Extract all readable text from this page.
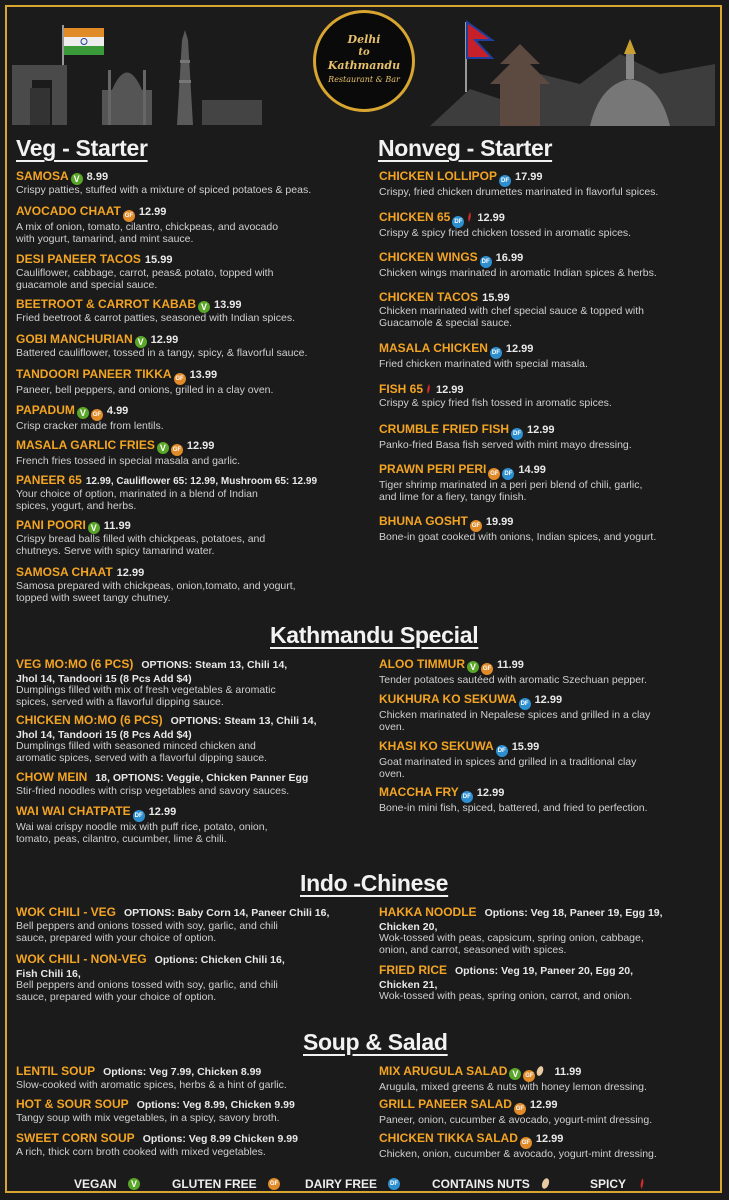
Delhi
to
Kathmandu
Restaurant & Bar
Veg - Starter	Nonveg - Starter
Kathmandu Special
Indo -Chinese
Soup & Salad
SAMOSA V 8.99
Crispy patties, stuffed with a mixture of spiced potatoes & peas.
AVOCADO CHAAT GF 12.99
A mix of onion, tomato, cilantro, chickpeas, and avocado
with yogurt, tamarind, and mint sauce.
DESI PANEER TACOS 15.99
Cauliflower, cabbage, carrot, peas& potato, topped with
guacamole and special sauce.
BEETROOT & CARROT KABAB V 13.99
Fried beetroot & carrot patties, seasoned with Indian spices.
GOBI MANCHURIAN V 12.99
Battered cauliflower, tossed in a tangy, spicy, & flavorful sauce.
TANDOORI PANEER TIKKA GF 13.99
Paneer, bell peppers, and onions, grilled in a clay oven.
PAPADUM V GF 4.99
Crisp cracker made from lentils.
MASALA GARLIC FRIES V GF 12.99
French fries tossed in special masala and garlic.
PANEER 65 12.99, Cauliflower 65: 12.99, Mushroom 65: 12.99
Your choice of option, marinated in a blend of Indian
spices, yogurt, and herbs.
PANI POORI V 11.99
Crispy bread balls filled with chickpeas, potatoes, and
chutneys. Serve with spicy tamarind water.
SAMOSA CHAAT 12.99
Samosa prepared with chickpeas, onion,tomato, and yogurt,
topped with sweet tangy chutney.
CHICKEN LOLLIPOP DF 17.99
Crispy, fried chicken drumettes marinated in flavorful spices.
CHICKEN 65 DF 12.99
Crispy & spicy fried chicken tossed in aromatic spices.
CHICKEN WINGS DF 16.99
Chicken wings marinated in aromatic Indian spices & herbs.
CHICKEN TACOS 15.99
Chicken marinated with chef special sauce & topped with
Guacamole & special sauce.
MASALA CHICKEN DF 12.99
Fried chicken marinated with special masala.
FISH 65 12.99
Crispy & spicy fried fish tossed in aromatic spices.
CRUMBLE FRIED FISH DF 12.99
Panko-fried Basa fish served with mint mayo dressing.
PRAWN PERI PERI GF DF 14.99
Tiger shrimp marinated in a peri peri blend of chili, garlic,
and lime for a fiery, tangy finish.
BHUNA GOSHT GF 19.99
Bone-in goat cooked with onions, Indian spices, and yogurt.
VEG MO:MO (6 PCS) OPTIONS: Steam 13, Chili 14,
Jhol 14, Tandoori 15 (8 Pcs Add $4)
Dumplings filled with mix of fresh vegetables & aromatic
spices, served with a flavorful dipping sauce.
CHICKEN MO:MO (6 PCS) OPTIONS: Steam 13, Chili 14,
Jhol 14, Tandoori 15 (8 Pcs Add $4)
Dumplings filled with seasoned minced chicken and
aromatic spices, served with a flavorful dipping sauce.
CHOW MEIN 18, OPTIONS: Veggie, Chicken Panner Egg
Stir-fried noodles with crisp vegetables and savory sauces.
WAI WAI CHATPATE DF 12.99
Wai wai crispy noodle mix with puff rice, potato, onion,
tomato, peas, cilantro, cucumber, lime & chili.
ALOO TIMMUR V GF 11.99
Tender potatoes sautéed with aromatic Szechuan pepper.
KUKHURA KO SEKUWA DF 12.99
Chicken marinated in Nepalese spices and grilled in a clay
oven.
KHASI KO SEKUWA DF 15.99
Goat marinated in spices and grilled in a traditional clay
oven.
MACCHA FRY DF 12.99
Bone-in mini fish, spiced, battered, and fried to perfection.
WOK CHILI - VEG OPTIONS: Baby Corn 14, Paneer Chili 16,
Bell peppers and onions tossed with soy, garlic, and chili
sauce, prepared with your choice of option.
WOK CHILI - NON-VEG Options: Chicken Chili 16,
Fish Chili 16,
Bell peppers and onions tossed with soy, garlic, and chili
sauce, prepared with your choice of option.
HAKKA NOODLE Options: Veg 18, Paneer 19, Egg 19,
Chicken 20,
Wok-tossed with peas, capsicum, spring onion, cabbage,
onion, and carrot, seasoned with spices.
FRIED RICE Options: Veg 19, Paneer 20, Egg 20,
Chicken 21,
Wok-tossed with peas, spring onion, carrot, and onion.
LENTIL SOUP Options: Veg 7.99, Chicken 8.99
Slow-cooked with aromatic spices, herbs & a hint of garlic.
HOT & SOUR SOUP Options: Veg 8.99, Chicken 9.99
Tangy soup with mix vegetables, in a spicy, savory broth.
SWEET CORN SOUP Options: Veg 8.99 Chicken 9.99
A rich, thick corn broth cooked with mixed vegetables.
MIX ARUGULA SALAD V GF 11.99
Arugula, mixed greens & nuts with honey lemon dressing.
GRILL PANEER SALAD GF 12.99
Paneer, onion, cucumber & avocado, yogurt-mint dressing.
CHICKEN TIKKA SALAD GF 12.99
Chicken, onion, cucumber & avocado, yogurt-mint dressing.
VEGAN	V	GLUTEN FREE	GF DAIRY FREE	DF	CONTAINS NUTS	SPICY
